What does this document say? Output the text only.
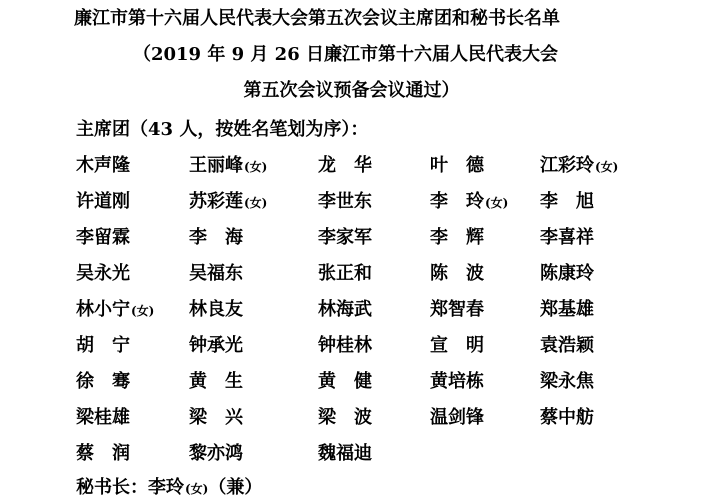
廉江市第十六届人民代表大会第五次会议主席团和秘书长名单
（2019 年 9 月 26 日廉江市第十六届人民代表大会
第五次会议预备会议通过）
主席团（43 人，按姓名笔划为序）：
木声隆	王丽峰(女)	龙　华	叶　德	江彩玲(女)
许道刚	苏彩莲(女)	李世东	李　玲(女) 李　旭
李留霖	李　海	李家军	李　辉	李喜祥
吴永光	吴福东	张正和	陈　波	陈康玲
林小宁(女) 林良友	林海武	郑智春	郑基雄
胡　宁	钟承光	钟桂林	宣　明	袁浩颖
徐　骞	黄　生	黄　健	黄培栋	梁永焦
梁桂雄	梁　兴	梁　波	温剑锋	蔡中舫
蔡　润	黎亦鸿	魏福迪
秘书长：李玲(女)（兼）
